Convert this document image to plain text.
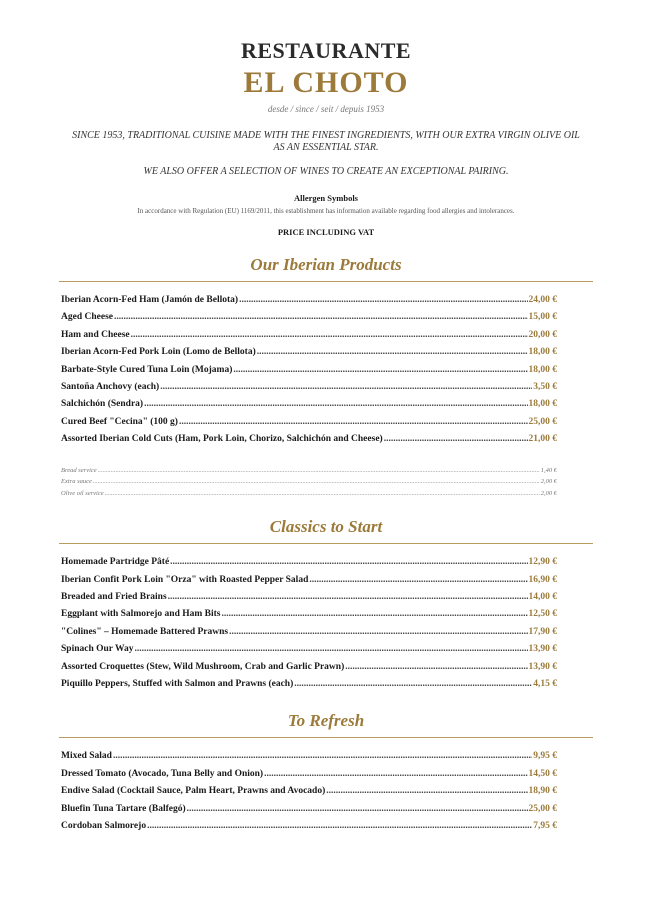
RESTAURANTE
EL CHOTO
desde / since / seit / depuis 1953
SINCE 1953, TRADITIONAL CUISINE MADE WITH THE FINEST INGREDIENTS, WITH OUR EXTRA VIRGIN OLIVE OIL AS AN ESSENTIAL STAR.
WE ALSO OFFER A SELECTION OF WINES TO CREATE AN EXCEPTIONAL PAIRING.
Allergen Symbols
In accordance with Regulation (EU) 1169/2011, this establishment has information available regarding food allergies and intolerances.
PRICE INCLUDING VAT
Our Iberian Products
Iberian Acorn-Fed Ham (Jamón de Bellota) .....	24,00 €
Aged Cheese .....	15,00 €
Ham and Cheese .....	20,00 €
Iberian Acorn-Fed Pork Loin (Lomo de Bellota) .....	18,00 €
Barbate-Style Cured Tuna Loin (Mojama) .....	18,00 €
Santoña Anchovy (each) .....	3,50 €
Salchichón (Sendra) .....	18,00 €
Cured Beef "Cecina" (100 g) .....	25,00 €
Assorted Iberian Cold Cuts (Ham, Pork Loin, Chorizo, Salchichón and Cheese) .....	21,00 €
Bread service .....	1,40 €
Extra sauce .....	2,00 €
Olive oil service .....	2,00 €
Classics to Start
Homemade Partridge Pâté .....	12,90 €
Iberian Confit Pork Loin "Orza" with Roasted Pepper Salad .....	16,90 €
Breaded and Fried Brains .....	14,00 €
Eggplant with Salmorejo and Ham Bits .....	12,50 €
"Colines" – Homemade Battered Prawns .....	17,90 €
Spinach Our Way .....	13,90 €
Assorted Croquettes (Stew, Wild Mushroom, Crab and Garlic Prawn) .....	13,90 €
Piquillo Peppers, Stuffed with Salmon and Prawns (each) .....	4,15 €
To Refresh
Mixed Salad .....	9,95 €
Dressed Tomato (Avocado, Tuna Belly and Onion) .....	14,50 €
Endive Salad (Cocktail Sauce, Palm Heart, Prawns and Avocado) .....	18,90 €
Bluefin Tuna Tartare (Balfegó) .....	25,00 €
Cordoban Salmorejo .....	7,95 €
